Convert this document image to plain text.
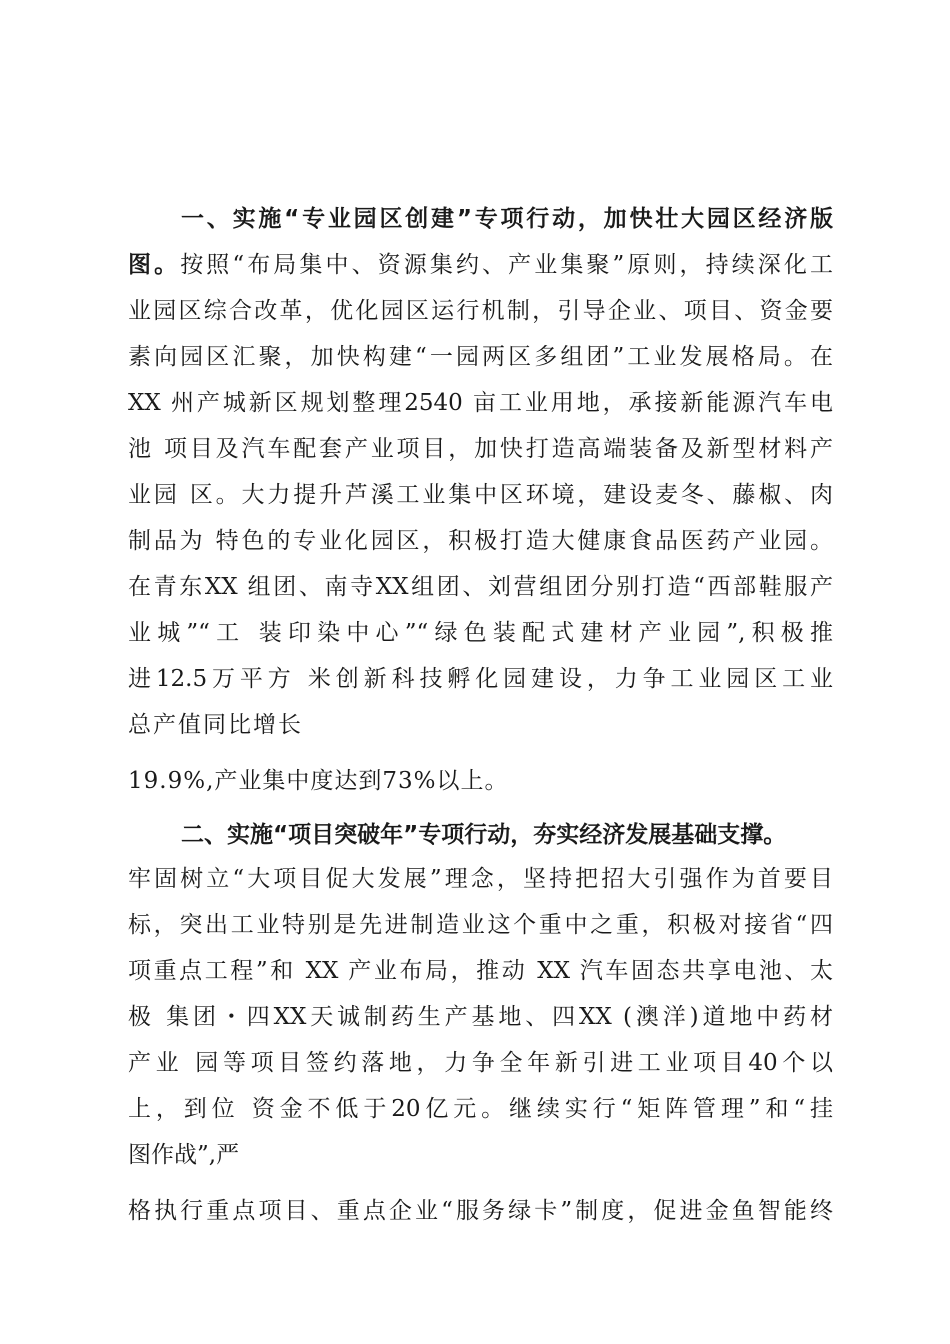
一、实施“专业园区创建”专项行动，加快壮大园区经济版
图。按照“布局集中、资源集约、产业集聚”原则，持续深化工
业园区综合改革，优化园区运行机制，引导企业、项目、资金要
素向园区汇聚，加快构建“一园两区多组团”工业发展格局。在
XX 州产城新区规划整理2540 亩工业用地，承接新能源汽车电
池 项目及汽车配套产业项目，加快打造高端装备及新型材料产
业园 区。大力提升芦溪工业集中区环境，建设麦冬、藤椒、肉
制品为 特色的专业化园区，积极打造大健康食品医药产业园。
在青东XX 组团、南寺XX组团、刘营组团分别打造“西部鞋服产
业城”“工 装印染中心”“绿色装配式建材产业园”,积极推
进12.5万平方 米创新科技孵化园建设，力争工业园区工业
总产值同比增长
19.9%,产业集中度达到73%以上。
二、实施“项目突破年”专项行动，夯实经济发展基础支撑。
牢固树立“大项目促大发展”理念，坚持把招大引强作为首要目
标，突出工业特别是先进制造业这个重中之重，积极对接省“四
项重点工程”和 XX 产业布局，推动 XX 汽车固态共享电池、太
极 集团・四XX天诚制药生产基地、四XX (澳洋)道地中药材
产业 园等项目签约落地，力争全年新引进工业项目40个以
上，到位 资金不低于20亿元。继续实行“矩阵管理”和“挂
图作战”,严
格执行重点项目、重点企业“服务绿卡”制度，促进金鱼智能终
